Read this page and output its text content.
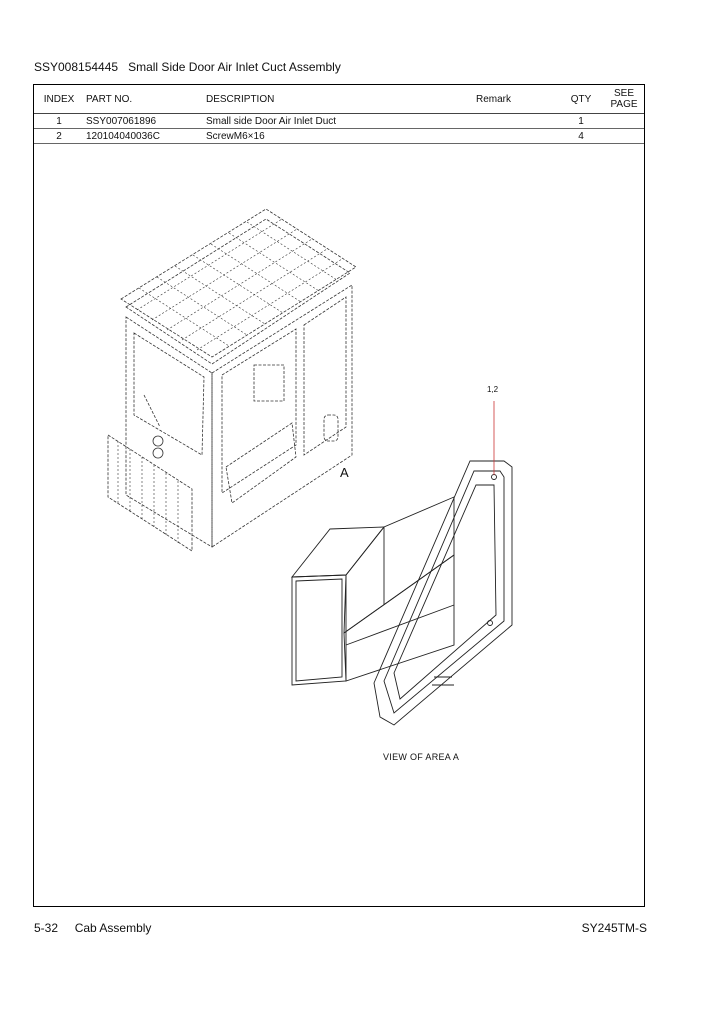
SSY008154445 Small Side Door Air Inlet Cuct Assembly
INDEX	PART NO.	DESCRIPTION	Remark	QTY	SEE
PAGE
1	SSY007061896	Small side Door Air Inlet Duct		1	
2	120104040036C	ScrewM6×16		4	
A
1,2
VIEW OF AREA A
5-32 Cab Assembly	SY245TM-S
